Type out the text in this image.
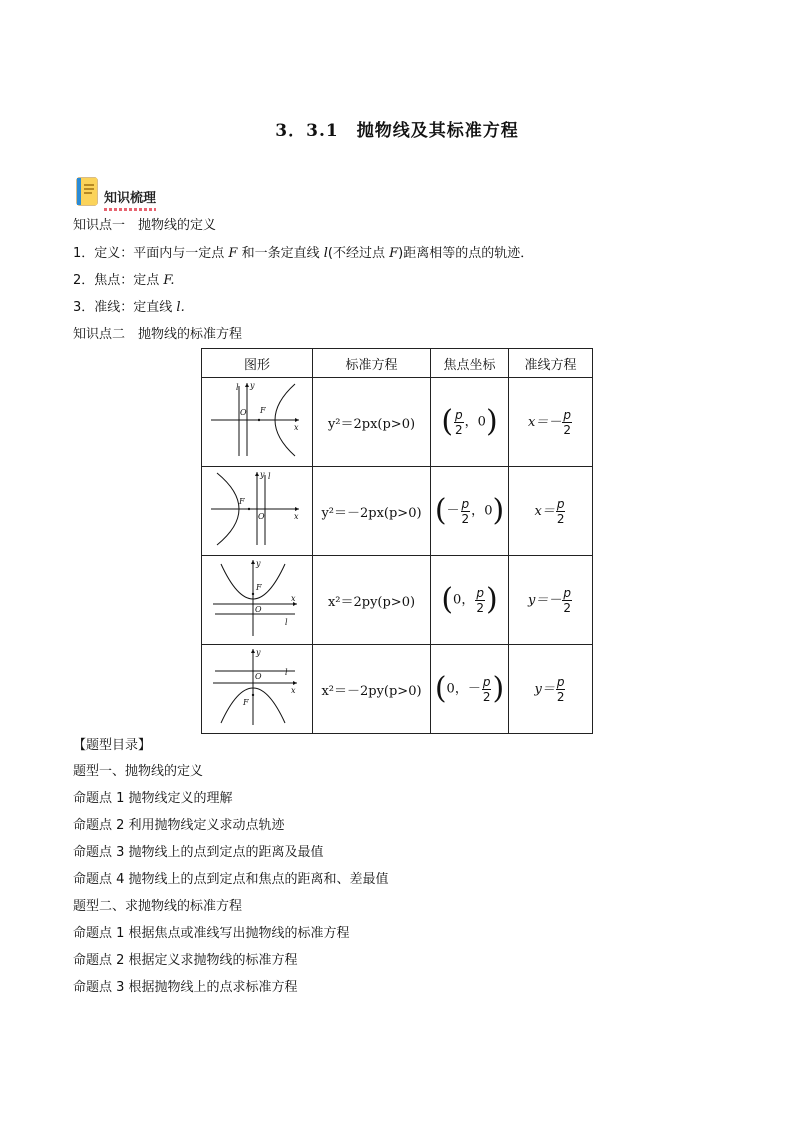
3．3.1　抛物线及其标准方程
知识梳理
知识点一　抛物线的定义
1．定义：平面内与一定点 F 和一条定直线 l(不经过点 F)距离相等的点的轨迹．
2．焦点：定点 F.
3．准线：定直线 l.
知识点二　抛物线的标准方程
图形	标准方程	焦点坐标	准线方程

l y
O F
x	y²＝2px(p>0)	( $\frac{p}{2}$ ，0)	$x=- \frac{p}{2}$

y l
F
O x	y²＝－2px(p>0)	(－ $\frac{p}{2}$ ，0)	$x= \frac{p}{2}$

y
F
O
x
l	x²＝2py(p>0)	(0， $\frac{p}{2}$ )	$y=- \frac{p}{2}$

y
l
O
x
F	x²＝－2py(p>0)	(0，－ $\frac{p}{2}$ )	$y= \frac{p}{2}$
【题型目录】
题型一、抛物线的定义
命题点 1 抛物线定义的理解
命题点 2 利用抛物线定义求动点轨迹
命题点 3 抛物线上的点到定点的距离及最值
命题点 4 抛物线上的点到定点和焦点的距离和、差最值
题型二、求抛物线的标准方程
命题点 1 根据焦点或准线写出抛物线的标准方程
命题点 2 根据定义求抛物线的标准方程
命题点 3 根据抛物线上的点求标准方程
